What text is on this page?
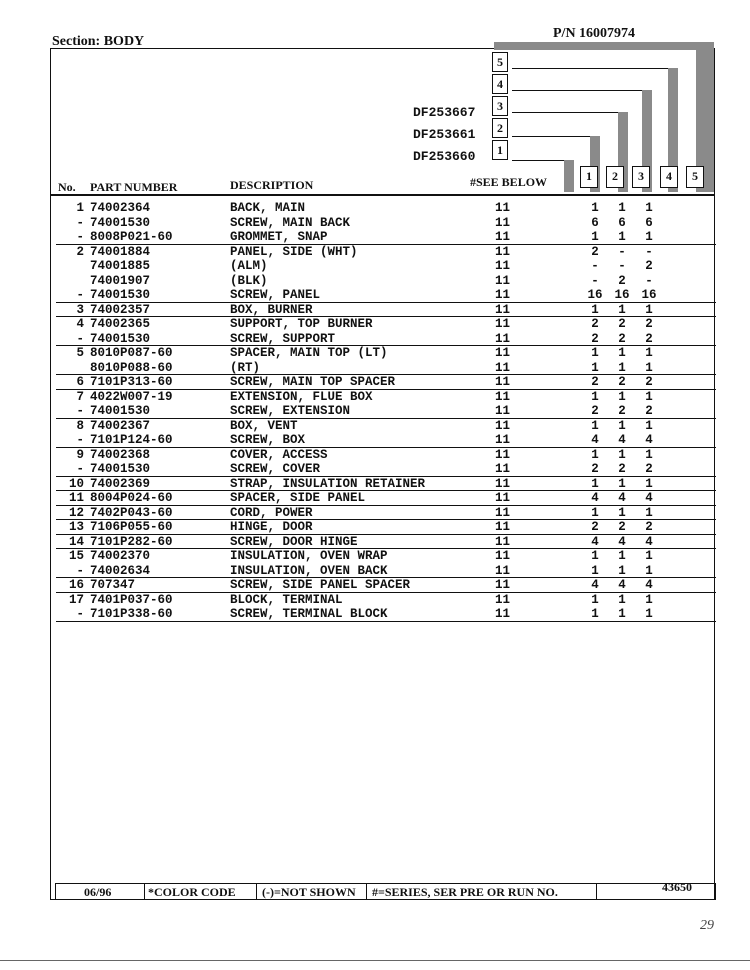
Section: BODY
P/N 16007974
5
4
3
2
1
DF253667
DF253661
DF253660
1	2	3	4	5
No. PART NUMBER	DESCRIPTION	#SEE BELOW
1 74002364	BACK, MAIN	11	1	1	1
- 74001530	SCREW, MAIN BACK	11	6	6	6
- 8008P021-60	GROMMET, SNAP	11	1	1	1
2 74001884	PANEL, SIDE (WHT)	11	2	-	-
74001885	(ALM)	11	-	-	2
74001907	(BLK)	11	-	2	-
- 74001530	SCREW, PANEL	11	16 16 16
3 74002357	BOX, BURNER	11	1	1	1
4 74002365	SUPPORT, TOP BURNER	11	2	2	2
- 74001530	SCREW, SUPPORT	11	2	2	2
5 8010P087-60	SPACER, MAIN TOP (LT)	11	1	1	1
8010P088-60	(RT)	11	1	1	1
6 7101P313-60	SCREW, MAIN TOP SPACER	11	2	2	2
7 4022W007-19	EXTENSION, FLUE BOX	11	1	1	1
- 74001530	SCREW, EXTENSION	11	2	2	2
8 74002367	BOX, VENT	11	1	1	1
- 7101P124-60	SCREW, BOX	11	4	4	4
9 74002368	COVER, ACCESS	11	1	1	1
- 74001530	SCREW, COVER	11	2	2	2
10 74002369	STRAP, INSULATION RETAINER	11	1	1	1
11 8004P024-60	SPACER, SIDE PANEL	11	4	4	4
12 7402P043-60	CORD, POWER	11	1	1	1
13 7106P055-60	HINGE, DOOR	11	2	2	2
14 7101P282-60	SCREW, DOOR HINGE	11	4	4	4
15 74002370	INSULATION, OVEN WRAP	11	1	1	1
- 74002634	INSULATION, OVEN BACK	11	1	1	1
16 707347	SCREW, SIDE PANEL SPACER	11	4	4	4
17 7401P037-60	BLOCK, TERMINAL	11	1	1	1
- 7101P338-60	SCREW, TERMINAL BLOCK	11	1	1	1
06/96	*COLOR CODE (-)=NOT SHOWN #=SERIES, SER PRE OR RUN NO.	43650
29
